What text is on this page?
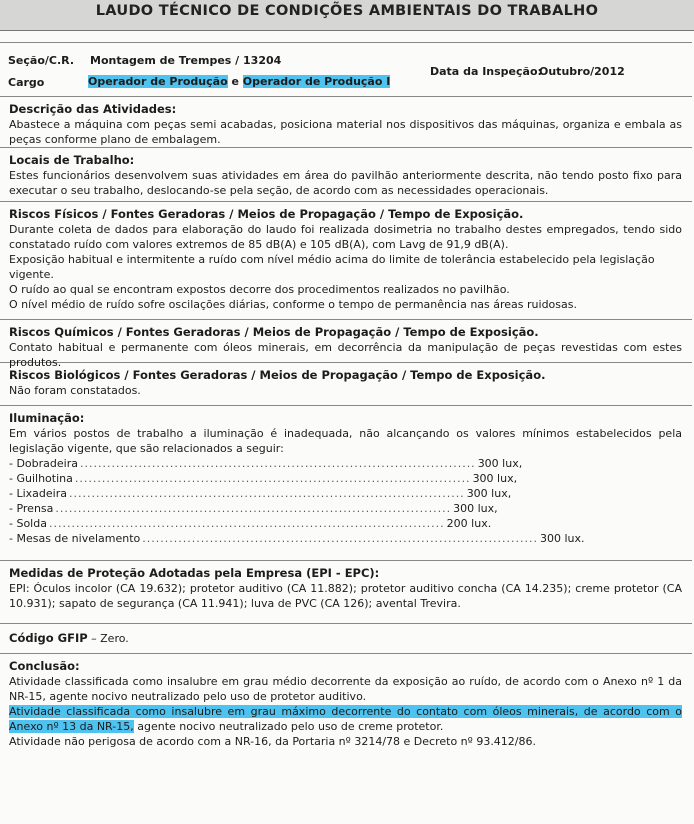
LAUDO TÉCNICO DE CONDIÇÕES AMBIENTAIS DO TRABALHO
Seção/C.R. Montagem de Trempes / 13204
Cargo	Operador de Produção e Operador de Produção I
Data da Inspeção:
Outubro/2012
Descrição das Atividades:
Abastece a máquina com peças semi acabadas, posiciona material nos dispositivos das máquinas, organiza e embala as peças conforme plano de embalagem.
Locais de Trabalho:
Estes funcionários desenvolvem suas atividades em área do pavilhão anteriormente descrita, não tendo posto fixo para executar o seu trabalho, deslocando-se pela seção, de acordo com as necessidades operacionais.
Riscos Físicos / Fontes Geradoras / Meios de Propagação / Tempo de Exposição.
Durante coleta de dados para elaboração do laudo foi realizada dosimetria no trabalho destes empregados, tendo sido constatado ruído com valores extremos de 85 dB(A) e 105 dB(A), com Lavg de 91,9 dB(A).
Exposição habitual e intermitente a ruído com nível médio acima do limite de tolerância estabelecido pela legislação vigente.
O ruído ao qual se encontram expostos decorre dos procedimentos realizados no pavilhão.
O nível médio de ruído sofre oscilações diárias, conforme o tempo de permanência nas áreas ruidosas.
Riscos Químicos / Fontes Geradoras / Meios de Propagação / Tempo de Exposição.
Contato habitual e permanente com óleos minerais, em decorrência da manipulação de peças revestidas com estes produtos.
Riscos Biológicos / Fontes Geradoras / Meios de Propagação / Tempo de Exposição.
Não foram constatados.
Iluminação:
Em vários postos de trabalho a iluminação é inadequada, não alcançando os valores mínimos estabelecidos pela legislação vigente, que são relacionados a seguir:
- Dobradeira ........................................................................................ 300 lux,
- Guilhotina ........................................................................................ 300 lux,
- Lixadeira ........................................................................................ 300 lux,
- Prensa ........................................................................................ 300 lux,
- Solda ........................................................................................ 200 lux.
- Mesas de nivelamento ........................................................................................ 300 lux.
Medidas de Proteção Adotadas pela Empresa (EPI - EPC):
EPI: Óculos incolor (CA 19.632); protetor auditivo (CA 11.882); protetor auditivo concha (CA 14.235); creme protetor (CA 10.931); sapato de segurança (CA 11.941); luva de PVC (CA 126); avental Trevira.
Código GFIP – Zero.
Conclusão:
Atividade classificada como insalubre em grau médio decorrente da exposição ao ruído, de acordo com o Anexo nº 1 da NR-15, agente nocivo neutralizado pelo uso de protetor auditivo.
Atividade classificada como insalubre em grau máximo decorrente do contato com óleos minerais, de acordo com o Anexo nº 13 da NR-15, agente nocivo neutralizado pelo uso de creme protetor.
Atividade não perigosa de acordo com a NR-16, da Portaria nº 3214/78 e Decreto nº 93.412/86.
